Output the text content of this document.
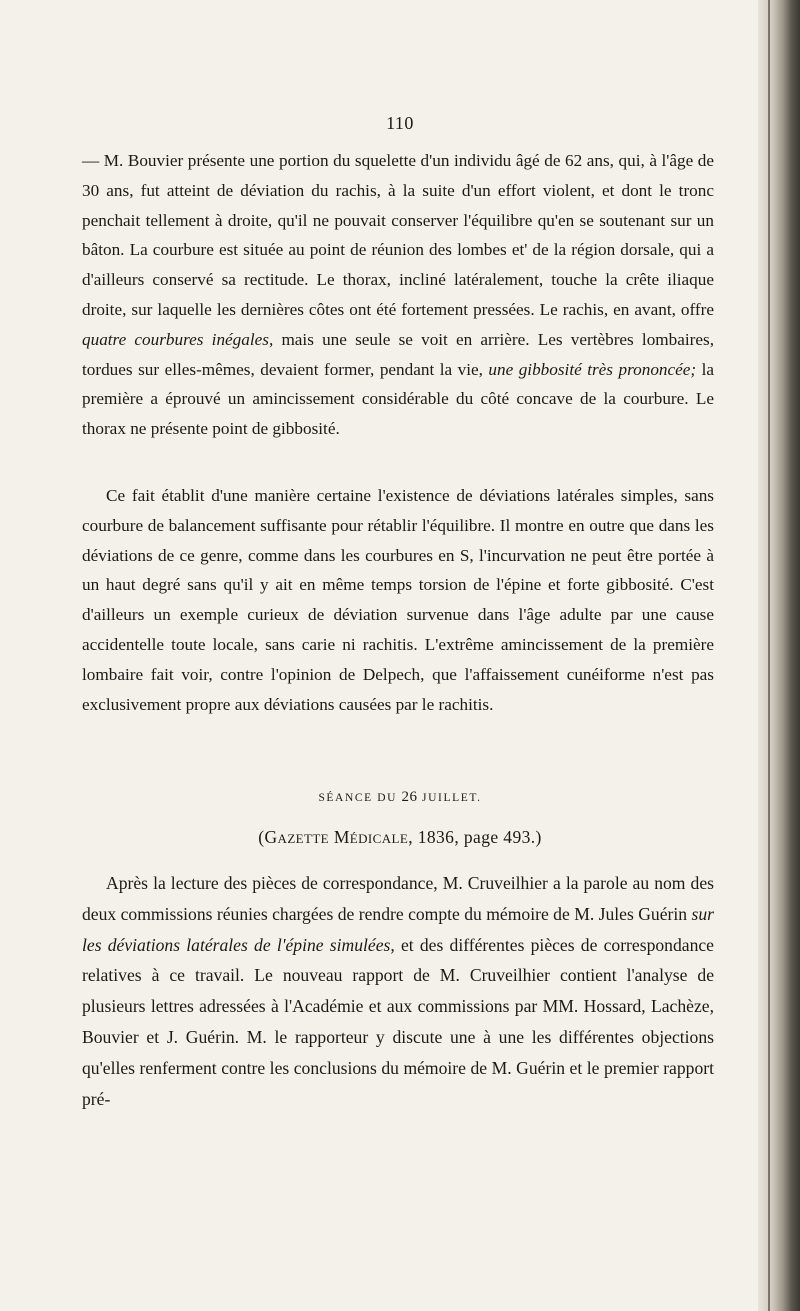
110

— M. Bouvier présente une portion du squelette d'un individu âgé de 62 ans, qui, à l'âge de 30 ans, fut atteint de déviation du rachis, à la suite d'un effort violent, et dont le tronc penchait tellement à droite, qu'il ne pouvait conserver l'équilibre qu'en se soutenant sur un bâton. La courbure est située au point de réunion des lombes et' de la région dorsale, qui a d'ailleurs conservé sa rectitude. Le thorax, incliné latéralement, touche la crête iliaque droite, sur laquelle les dernières côtes ont été fortement pressées. Le rachis, en avant, offre quatre courbures inégales, mais une seule se voit en arrière. Les vertèbres lombaires, tordues sur elles-mêmes, devaient former, pendant la vie, une gibbosité très prononcée; la première a éprouvé un amincissement considérable du côté concave de la courbure. Le thorax ne présente point de gibbosité.

Ce fait établit d'une manière certaine l'existence de déviations latérales simples, sans courbure de balancement suffisante pour rétablir l'équilibre. Il montre en outre que dans les déviations de ce genre, comme dans les courbures en S, l'incurvation ne peut être portée à un haut degré sans qu'il y ait en même temps torsion de l'épine et forte gibbosité. C'est d'ailleurs un exemple curieux de déviation survenue dans l'âge adulte par une cause accidentelle toute locale, sans carie ni rachitis. L'extrême amincissement de la première lombaire fait voir, contre l'opinion de Delpech, que l'affaissement cunéiforme n'est pas exclusivement propre aux déviations causées par le rachitis.

SÉANCE DU 26 JUILLET.
(GAZETTE MÉDICALE, 1836, page 493.)

Après la lecture des pièces de correspondance, M. Cruveilhier a la parole au nom des deux commissions réunies chargées de rendre compte du mémoire de M. Jules Guérin sur les déviations latérales de l'épine simulées, et des différentes pièces de correspondance relatives à ce travail. Le nouveau rapport de M. Cruveilhier contient l'analyse de plusieurs lettres adressées à l'Académie et aux commissions par MM. Hossard, Lachèze, Bouvier et J. Guérin. M. le rapporteur y discute une à une les différentes objections qu'elles renferment contre les conclusions du mémoire de M. Guérin et le premier rapport pré-
